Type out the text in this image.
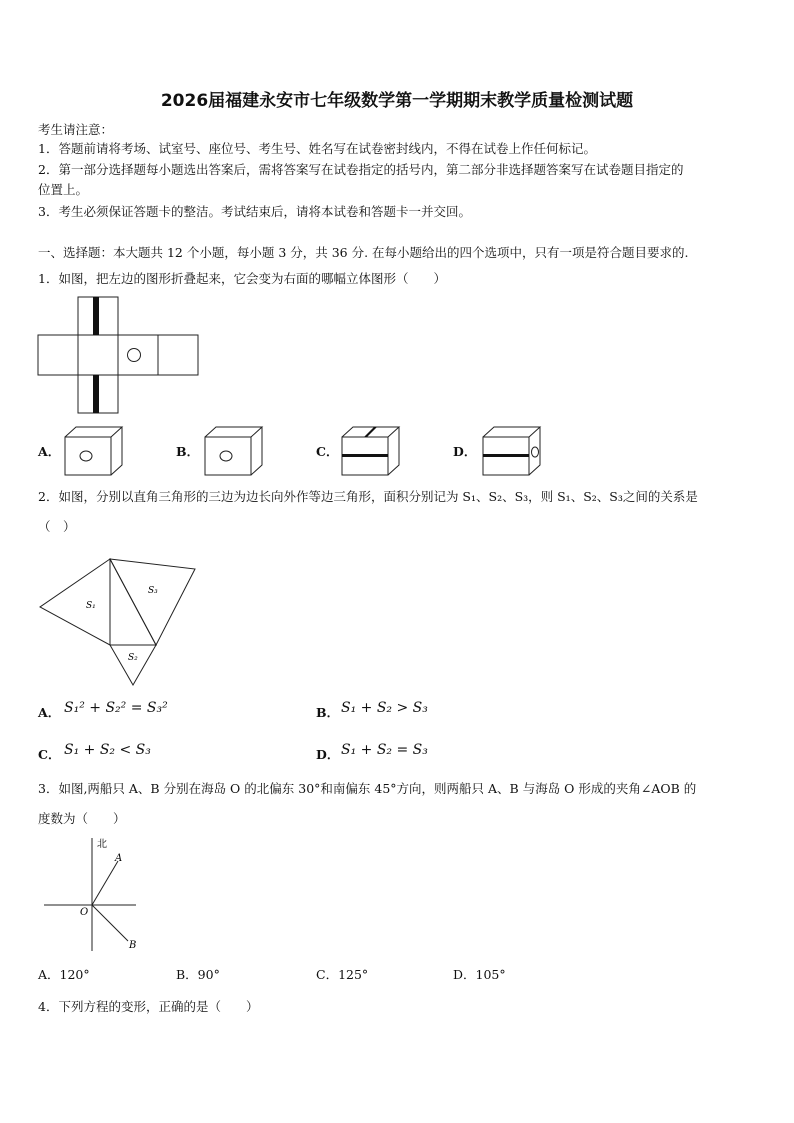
2026届福建永安市七年级数学第一学期期末教学质量检测试题
考生请注意：
1．答题前请将考场、试室号、座位号、考生号、姓名写在试卷密封线内，不得在试卷上作任何标记。
2．第一部分选择题每小题选出答案后，需将答案写在试卷指定的括号内，第二部分非选择题答案写在试卷题目指定的
位置上。
3．考生必须保证答题卡的整洁。考试结束后，请将本试卷和答题卡一并交回。
一、选择题：本大题共 12 个小题，每小题 3 分，共 36 分. 在每小题给出的四个选项中，只有一项是符合题目要求的.
1．如图，把左边的图形折叠起来，它会变为右面的哪幅立体图形（　　）
A．	B．	C．	D．
2．如图，分别以直角三角形的三边为边长向外作等边三角形，面积分别记为 S₁、S₂、S₃，则 S₁、S₂、S₃之间的关系是
（　）
S₁
S₃
S₂
A． S₁² + S₂² = S₃²	B． S₁ + S₂ > S₃
C． S₁ + S₂ < S₃	D． S₁ + S₂ = S₃
3．如图,两船只 A、B 分别在海岛 O 的北偏东 30°和南偏东 45°方向，则两船只 A、B 与海岛 O 形成的夹角∠AOB 的
度数为（　　）
北
A
O
B
A．120°	B．90°	C．125°	D．105°
4．下列方程的变形，正确的是（　　）
